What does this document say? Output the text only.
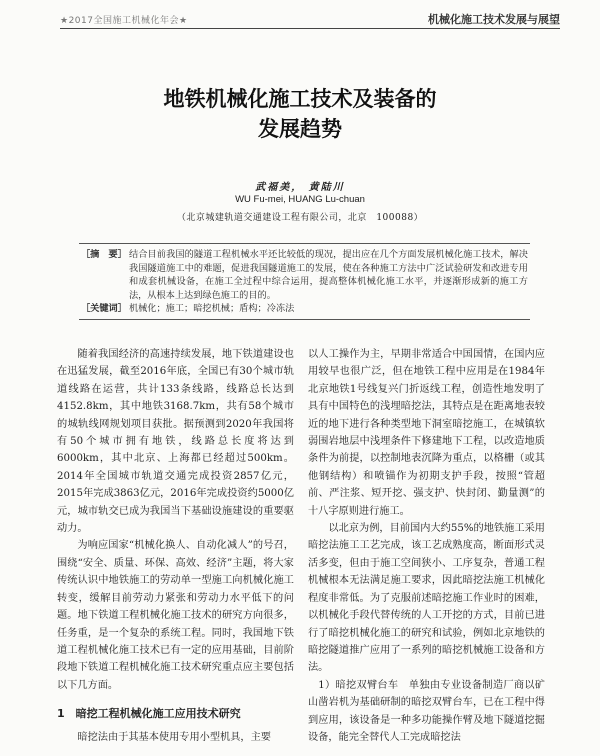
★2017全国施工机械化年会★	机械化施工技术发展与展望
地铁机械化施工技术及装备的
发展趋势
武福美， 黄陆川
WU Fu-mei, HUANG Lu-chuan
（北京城建轨道交通建设工程有限公司，北京　100088）
［摘　要］ 结合目前我国的隧道工程机械水平还比较低的现况，提出应在几个方面发展机械化施工技术，解决我国隧道施工中的难题，促进我国隧道施工的发展，使在各种施工方法中广泛试验研发和改进专用和成套机械设备，在施工全过程中综合运用，提高整体机械化施工水平，并逐渐形成新的施工方法，从根本上达到绿色施工的目的。
［关键词］ 机械化；施工；暗挖机械；盾构；冷冻法

随着我国经济的高速持续发展，地下铁道建设也在迅猛发展，截至2016年底，全国已有30个城市轨道线路在运营，共计133条线路，线路总长达到4152.8km，其中地铁3168.7km，共有58个城市的城轨线网规划项目获批。据预测到2020年我国将有50个城市拥有地铁，线路总长度将达到6000km，其中北京、上海都已经超过500km。2014年全国城市轨道交通完成投资2857亿元，2015年完成3863亿元，2016年完成投资约5000亿元，城市轨交已成为我国当下基础设施建设的重要驱动力。

为响应国家“机械化换人、自动化减人”的号召，围绕“安全、质量、环保、高效、经济”主题，将大家传统认识中地铁施工的劳动单一型施工向机械化施工转变，缓解目前劳动力紧张和劳动力水平低下的问题。地下铁道工程机械化施工技术的研究方向很多，任务重，是一个复杂的系统工程。同时，我国地下铁道工程机械化施工技术已有一定的应用基础，目前阶段地下铁道工程机械化施工技术研究重点应主要包括以下几方面。

1　暗挖工程机械化施工应用技术研究

暗挖法由于其基本使用专用小型机具，主要

以人工操作为主，早期非常适合中国国情，在国内应用较早也很广泛，但在地铁工程中应用是在1984年北京地铁1号线复兴门折返线工程，创造性地发明了具有中国特色的浅埋暗挖法，其特点是在距离地表较近的地下进行各种类型地下洞室暗挖施工，在城镇软弱围岩地层中浅埋条件下修建地下工程，以改造地质条件为前提，以控制地表沉降为重点，以格栅（或其他钢结构）和喷锚作为初期支护手段，按照“管超前、严注浆、短开挖、强支护、快封闭、勤量测”的十八字原则进行施工。

以北京为例，目前国内大约55%的地铁施工采用暗挖法施工工艺完成，该工艺成熟度高，断面形式灵活多变，但由于施工空间狭小、工序复杂，普通工程机械根本无法满足施工要求，因此暗挖法施工机械化程度非常低。为了克服前述暗挖施工作业时的困难，以机械化手段代替传统的人工开挖的方式，目前已进行了暗挖机械化施工的研究和试验，例如北京地铁的暗挖隧道推广应用了一系列的暗挖机械施工设备和方法。

1）暗挖双臂台车　单独由专业设备制造厂商以矿山凿岩机为基础研制的暗挖双臂台车，已在工程中得到应用，该设备是一种多功能操作臂及地下隧道挖掘设备，能完全替代人工完成暗挖法
